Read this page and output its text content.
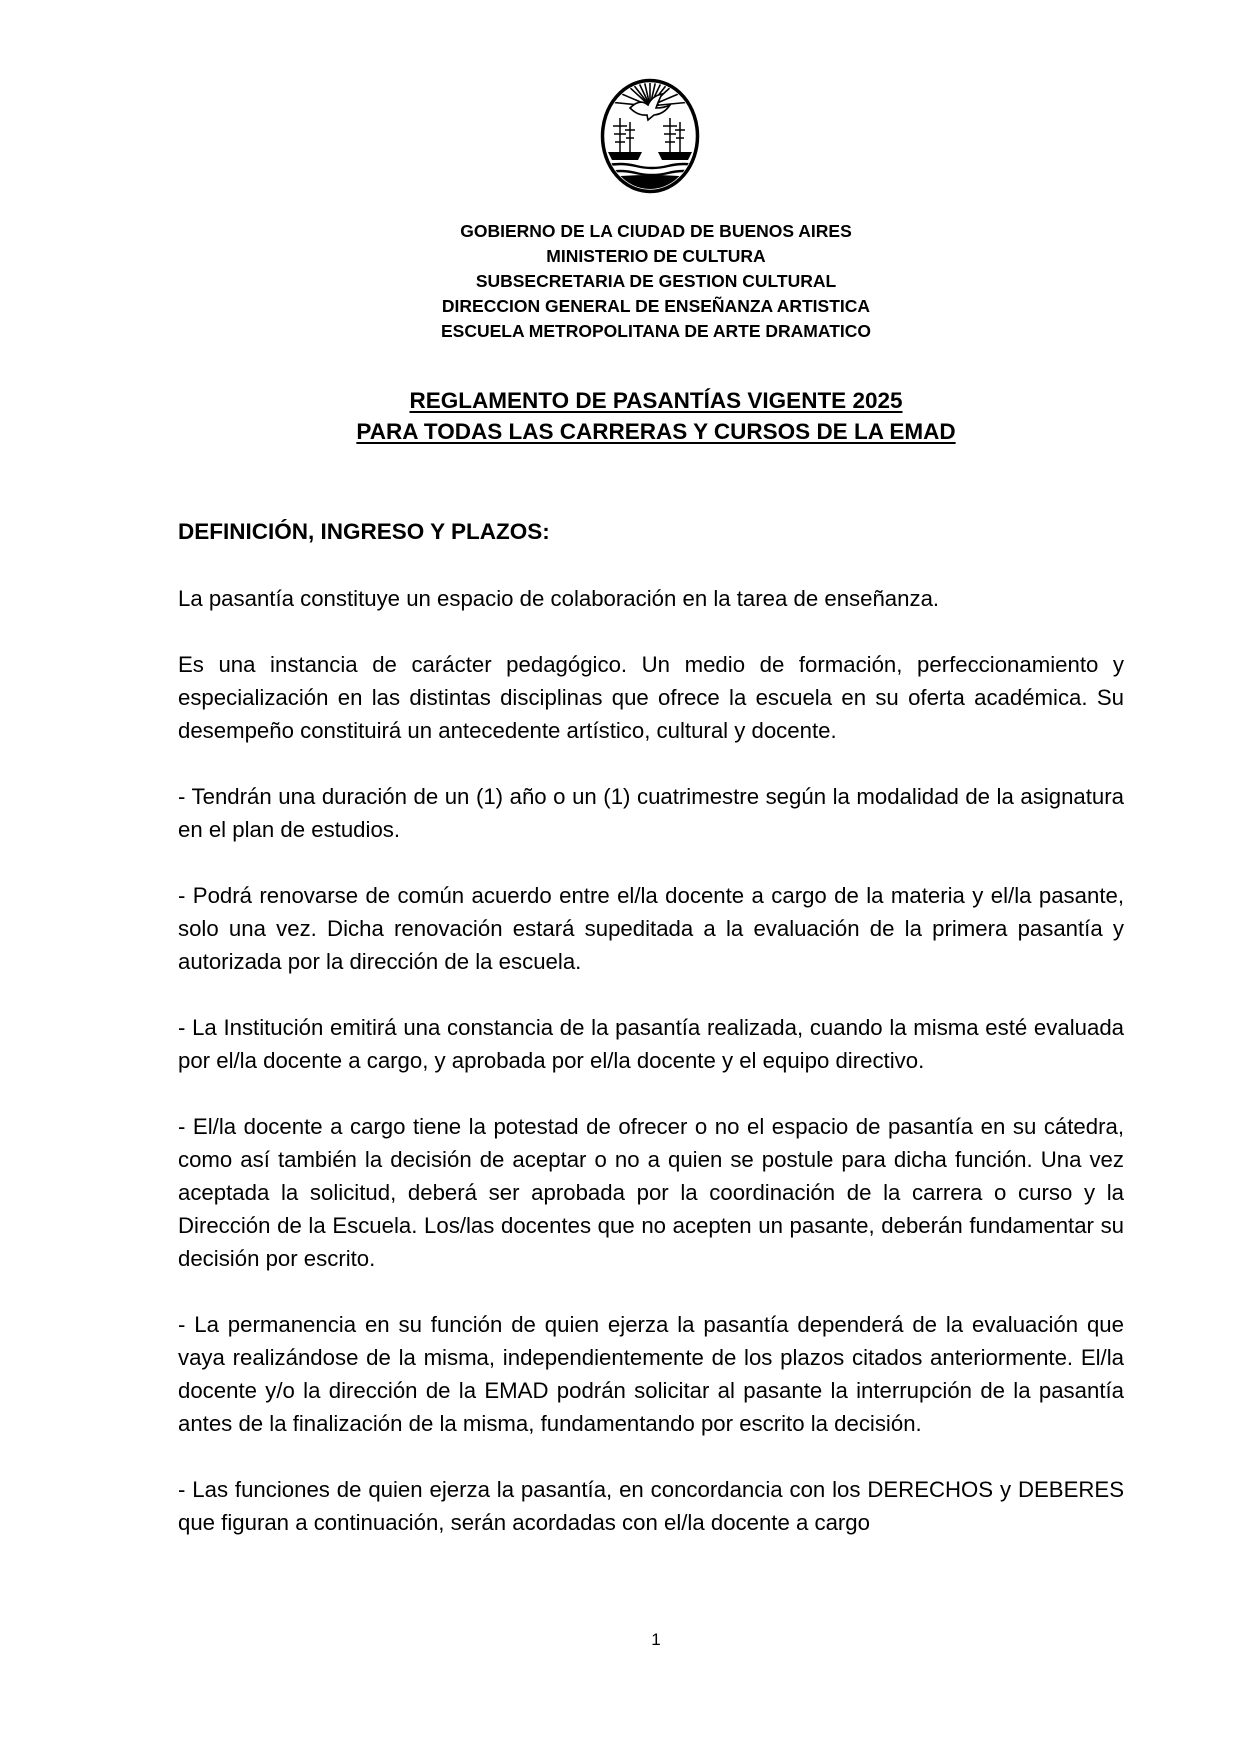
GOBIERNO DE LA CIUDAD DE BUENOS AIRES
MINISTERIO DE CULTURA
SUBSECRETARIA DE GESTION CULTURAL
DIRECCION GENERAL DE ENSEÑANZA ARTISTICA
ESCUELA METROPOLITANA DE ARTE DRAMATICO
REGLAMENTO DE PASANTÍAS VIGENTE 2025
PARA TODAS LAS CARRERAS Y CURSOS DE LA EMAD
DEFINICIÓN, INGRESO Y PLAZOS:

La pasantía constituye un espacio de colaboración en la tarea de enseñanza.

Es una instancia de carácter pedagógico. Un medio de formación, perfeccionamiento y especialización en las distintas disciplinas que ofrece la escuela en su oferta académica. Su desempeño constituirá un antecedente artístico, cultural y docente.

- Tendrán una duración de un (1) año o un (1) cuatrimestre según la modalidad de la asignatura en el plan de estudios.

- Podrá renovarse de común acuerdo entre el/la docente a cargo de la materia y el/la pasante, solo una vez. Dicha renovación estará supeditada a la evaluación de la primera pasantía y autorizada por la dirección de la escuela.

- La Institución emitirá una constancia de la pasantía realizada, cuando la misma esté evaluada por el/la docente a cargo, y aprobada por el/la docente y el equipo directivo.

- El/la docente a cargo tiene la potestad de ofrecer o no el espacio de pasantía en su cátedra, como así también la decisión de aceptar o no a quien se postule para dicha función. Una vez aceptada la solicitud, deberá ser aprobada por la coordinación de la carrera o curso y la Dirección de la Escuela. Los/las docentes que no acepten un pasante, deberán fundamentar su decisión por escrito.

- La permanencia en su función de quien ejerza la pasantía dependerá de la evaluación que vaya realizándose de la misma, independientemente de los plazos citados anteriormente. El/la docente y/o la dirección de la EMAD podrán solicitar al pasante la interrupción de la pasantía antes de la finalización de la misma, fundamentando por escrito la decisión.

- Las funciones de quien ejerza la pasantía, en concordancia con los DERECHOS y DEBERES que figuran a continuación, serán acordadas con el/la docente a cargo

1
